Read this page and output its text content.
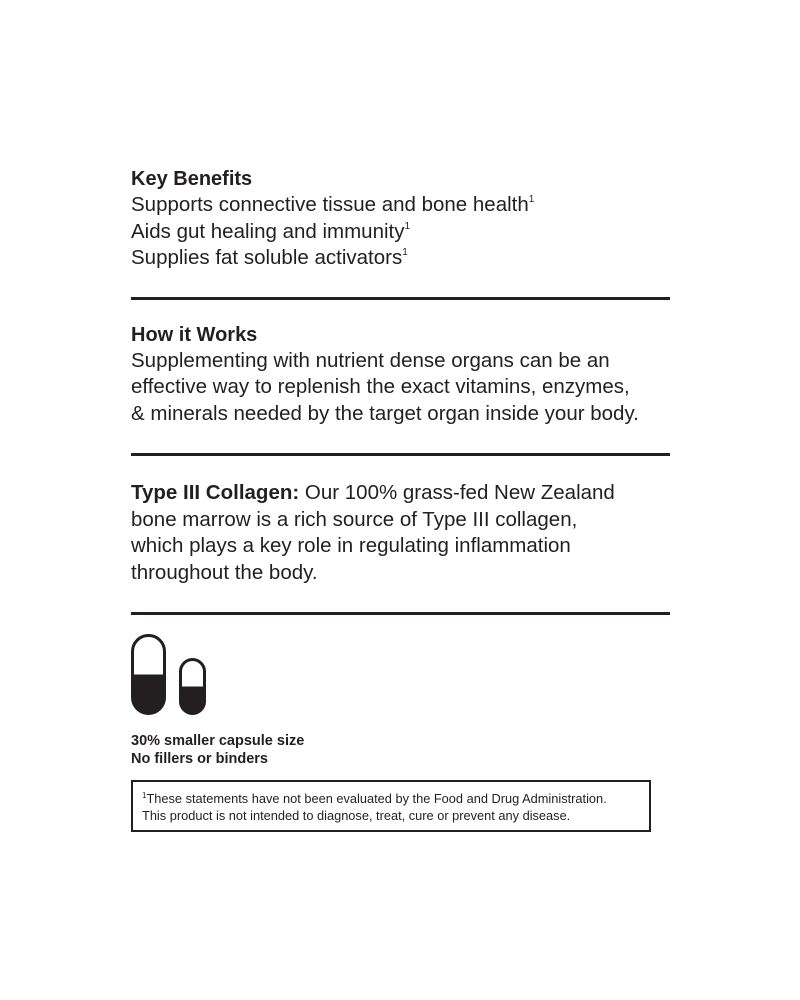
Key Benefits

Supports connective tissue and bone health$^1$

Aids gut healing and immunity$^1$

Supplies fat soluble activators$^1$

How it Works

Supplementing with nutrient dense organs can be an

effective way to replenish the exact vitamins, enzymes,

& minerals needed by the target organ inside your body.

Type III Collagen: Our 100% grass-fed New Zealand

bone marrow is a rich source of Type III collagen,

which plays a key role in regulating inflammation

throughout the body.

30% smaller capsule size
No fillers or binders
$^1$These statements have not been evaluated by the Food and Drug Administration.
This product is not intended to diagnose, treat, cure or prevent any disease.
